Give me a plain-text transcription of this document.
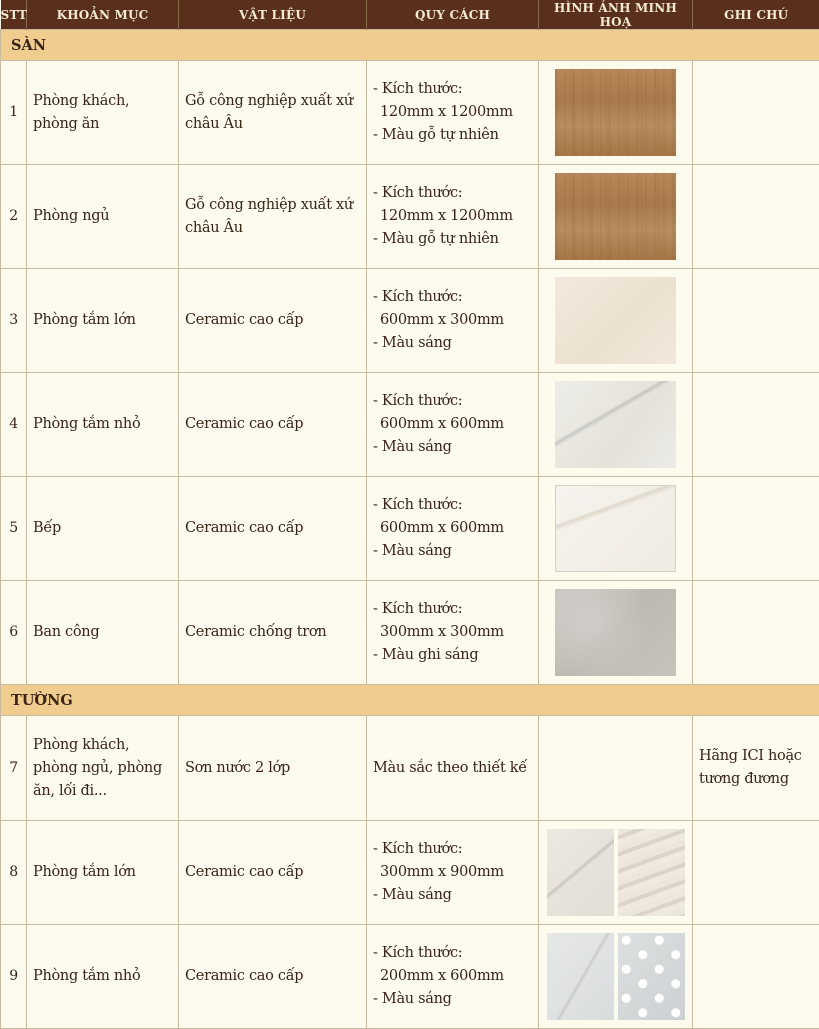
STT	KHOẢN MỤC	VẬT LIỆU	QUY CÁCH	HÌNH ẢNH MINH HOẠ	GHI CHÚ
SÀN					
1	Phòng khách, phòng ăn	Gỗ công nghiệp xuất xứ châu Âu	- Kích thước:
120mm x 1200mm
- Màu gỗ tự nhiên		

2	Phòng ngủ	Gỗ công nghiệp xuất xứ châu Âu	- Kích thước:
120mm x 1200mm
- Màu gỗ tự nhiên		

3	Phòng tắm lớn	Ceramic cao cấp	- Kích thước:
600mm x 300mm
- Màu sáng		

4	Phòng tắm nhỏ	Ceramic cao cấp	- Kích thước:
600mm x 600mm
- Màu sáng		

5	Bếp	Ceramic cao cấp	- Kích thước:
600mm x 600mm
- Màu sáng		

6	Ban công	Ceramic chống trơn	- Kích thước:
300mm x 300mm
- Màu ghi sáng		

TƯỜNG					
7	Phòng khách, phòng ngủ, phòng ăn, lối đi...	Sơn nước 2 lớp	Màu sắc theo thiết kế		Hãng ICI hoặc tương đương
8	Phòng tắm lớn	Ceramic cao cấp	- Kích thước:
300mm x 900mm
- Màu sáng		

9	Phòng tắm nhỏ	Ceramic cao cấp	- Kích thước:
200mm x 600mm
- Màu sáng		
